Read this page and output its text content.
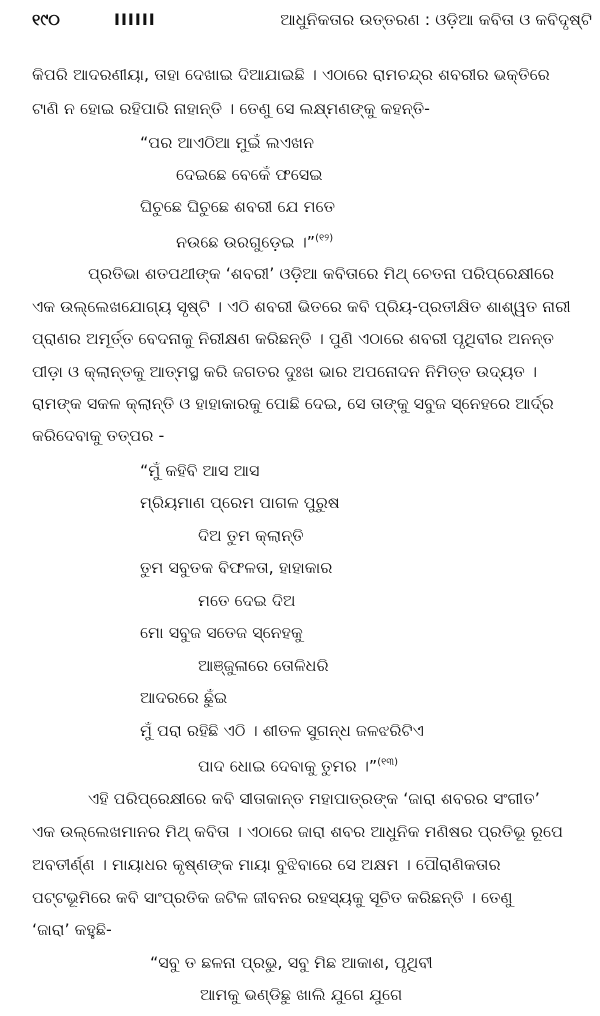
୧୯୦	IIIIII	ଆଧୁନିକତାର ଉତ୍ତରଣ : ଓଡ଼ିଆ କବିତା ଓ କବିଦୃଷ୍ଟି
କିପରି ଆଦରଣୀୟା, ତାହା ଦେଖାଇ ଦିଆଯାଇଛି । ଏଠାରେ ରାମଚନ୍ଦ୍ର ଶବରୀର ଭକ୍ତିରେ
ଟାଣି ନ ହୋଇ ରହିପାରି ନାହାନ୍ତି । ତେଣୁ ସେ ଲକ୍ଷ୍ମଣଙ୍କୁ କହନ୍ତି-
“ପର ଆଏଠିଆ ମୁଇଁ ଲଏଖନ
ଦେଇଛେ ବେକେଁ ଫସେଇ
ଘିଚୁଛେ ଘିଚୁଛେ ଶବରୀ ଯେ ମତେ
ନଉଛେ ଉରଗୁଡ଼େଇ ।”$^{(୧୨)}$
ପ୍ରତିଭା ଶତପଥୀଙ୍କ ‘ଶବରୀ’ ଓଡ଼ିଆ କବିତାରେ ମିଥ୍ ଚେତନା ପରିପ୍ରେକ୍ଷୀରେ
ଏକ ଉଲ୍ଲେଖଯୋଗ୍ୟ ସୃଷ୍ଟି । ଏଠି ଶବରୀ ଭିତରେ କବି ପ୍ରିୟ-ପ୍ରତୀକ୍ଷିତ ଶାଶ୍ୱତ ନାରୀ
ପ୍ରାଣର ଅମୂର୍ତ୍ତ ବେଦନାକୁ ନିରୀକ୍ଷଣ କରିଛନ୍ତି । ପୁଣି ଏଠାରେ ଶବରୀ ପୃଥିବୀର ଅନନ୍ତ
ପୀଡ଼ା ଓ କ୍ଲାନ୍ତକୁ ଆତ୍ମସ୍ଥ କରି ଜଗତର ଦୁଃଖ ଭାର ଅପନୋଦନ ନିମିତ୍ତ ଉଦ୍ୟତ ।
ରାମଙ୍କ ସକଳ କ୍ଲାନ୍ତି ଓ ହାହାକାରକୁ ପୋଛି ଦେଇ, ସେ ତାଙ୍କୁ ସବୁଜ ସ୍ନେହରେ ଆର୍ଦ୍ର
କରିଦେବାକୁ ତତ୍ପର -
“ମୁଁ କହିବି ଆସ ଆସ
ମ୍ରିୟମାଣ ପ୍ରେମ ପାଗଳ ପୁରୁଷ
ଦିଅ ତୁମ କ୍ଲାନ୍ତି
ତୁମ ସବୁତକ ବିଫଳତା, ହାହାକାର
ମତେ ଦେଇ ଦିଅ
ମୋ ସବୁଜ ସତେଜ ସ୍ନେହକୁ
ଆଞ୍ଜୁଳାରେ ତୋଳିଧରି
ଆଦରରେ ଛୁଁଇ
ମୁଁ ପରା ରହିଛି ଏଠି । ଶୀତଳ ସୁଗନ୍ଧ ଜଳଝରିଟିଏ
ପାଦ ଧୋଇ ଦେବାକୁ ତୁମର ।”$^{(୧୩)}$
ଏହି ପରିପ୍ରେକ୍ଷୀରେ କବି ସୀତାକାନ୍ତ ମହାପାତ୍ରଙ୍କ ‘ଜାରା ଶବରର ସଂଗୀତ’
ଏକ ଉଲ୍ଲେଖମାନର ମିଥ୍ କବିତା । ଏଠାରେ ଜାରା ଶବର ଆଧୁନିକ ମଣିଷର ପ୍ରତିଭୂ ରୂପେ
ଅବତୀର୍ଣ୍ଣ । ମାୟାଧର କୃଷ୍ଣଙ୍କ ମାୟା ବୁଝିବାରେ ସେ ଅକ୍ଷମ । ପୌରାଣିକତାର
ପଟ୍ଟଭୂମିରେ କବି ସାଂପ୍ରତିକ ଜଟିଳ ଜୀବନର ରହସ୍ୟକୁ ସୂଚିତ କରିଛନ୍ତି । ତେଣୁ
‘ଜାରା’ କହୁଛି-
“ସବୁ ତ ଛଳନା ପ୍ରଭୁ, ସବୁ ମିଛ ଆକାଶ, ପୃଥିବୀ
ଆମକୁ ଭଣ୍ଡିଛୁ ଖାଲି ଯୁଗେ ଯୁଗେ
